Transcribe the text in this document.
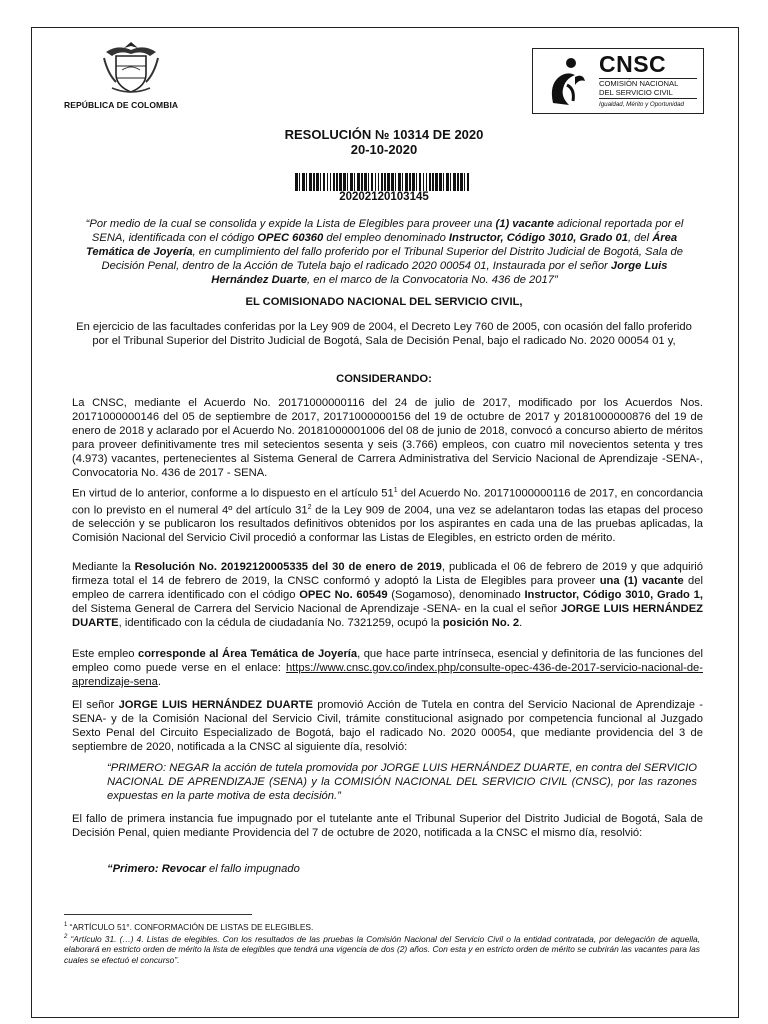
REPÚBLICA DE COLOMBIA
CNSC
COMISIÓN NACIONAL
DEL SERVICIO CIVIL
Igualdad, Mérito y Oportunidad
RESOLUCIÓN № 10314 DE 2020
20-10-2020
20202120103145
“Por medio de la cual se consolida y expide la Lista de Elegibles para proveer una (1) vacante adicional reportada por el SENA, identificada con el código OPEC 60360 del empleo denominado Instructor, Código 3010, Grado 01, del Área Temática de Joyería, en cumplimiento del fallo proferido por el Tribunal Superior del Distrito Judicial de Bogotá, Sala de Decisión Penal, dentro de la Acción de Tutela bajo el radicado 2020 00054 01, Instaurada por el señor Jorge Luis Hernández Duarte, en el marco de la Convocatoria No. 436 de 2017”
EL COMISIONADO NACIONAL DEL SERVICIO CIVIL,
En ejercicio de las facultades conferidas por la Ley 909 de 2004, el Decreto Ley 760 de 2005, con ocasión del fallo proferido por el Tribunal Superior del Distrito Judicial de Bogotá, Sala de Decisión Penal, bajo el radicado No. 2020 00054 01 y,
CONSIDERANDO:
La CNSC, mediante el Acuerdo No. 20171000000116 del 24 de julio de 2017, modificado por los Acuerdos Nos. 20171000000146 del 05 de septiembre de 2017, 20171000000156 del 19 de octubre de 2017 y 20181000000876 del 19 de enero de 2018 y aclarado por el Acuerdo No. 20181000001006 del 08 de junio de 2018, convocó a concurso abierto de méritos para proveer definitivamente tres mil setecientos sesenta y seis (3.766) empleos, con cuatro mil novecientos setenta y tres (4.973) vacantes, pertenecientes al Sistema General de Carrera Administrativa del Servicio Nacional de Aprendizaje -SENA-, Convocatoria No. 436 de 2017 - SENA.
En virtud de lo anterior, conforme a lo dispuesto en el artículo $51^1$ del Acuerdo No. 20171000000116 de 2017, en concordancia con lo previsto en el numeral 4º del artículo $31^2$ de la Ley 909 de 2004, una vez se adelantaron todas las etapas del proceso de selección y se publicaron los resultados definitivos obtenidos por los aspirantes en cada una de las pruebas aplicadas, la Comisión Nacional del Servicio Civil procedió a conformar las Listas de Elegibles, en estricto orden de mérito.
Mediante la Resolución No. 20192120005335 del 30 de enero de 2019, publicada el 06 de febrero de 2019 y que adquirió firmeza total el 14 de febrero de 2019, la CNSC conformó y adoptó la Lista de Elegibles para proveer una (1) vacante del empleo de carrera identificado con el código OPEC No. 60549 (Sogamoso), denominado Instructor, Código 3010, Grado 1, del Sistema General de Carrera del Servicio Nacional de Aprendizaje -SENA- en la cual el señor JORGE LUIS HERNÁNDEZ DUARTE, identificado con la cédula de ciudadanía No. 7321259, ocupó la posición No. 2.
Este empleo corresponde al Área Temática de Joyería, que hace parte intrínseca, esencial y definitoria de las funciones del empleo como puede verse en el enlace: https://www.cnsc.gov.co/index.php/consulte-opec-436-de-2017-servicio-nacional-de-aprendizaje-sena.
El señor JORGE LUIS HERNÁNDEZ DUARTE promovió Acción de Tutela en contra del Servicio Nacional de Aprendizaje -SENA- y de la Comisión Nacional del Servicio Civil, trámite constitucional asignado por competencia funcional al Juzgado Sexto Penal del Circuito Especializado de Bogotá, bajo el radicado No. 2020 00054, que mediante providencia del 3 de septiembre de 2020, notificada a la CNSC al siguiente día, resolvió:
“PRIMERO: NEGAR la acción de tutela promovida por JORGE LUIS HERNÁNDEZ DUARTE, en contra del SERVICIO NACIONAL DE APRENDIZAJE (SENA) y la COMISIÓN NACIONAL DEL SERVICIO CIVIL (CNSC), por las razones expuestas en la parte motiva de esta decisión.”
El fallo de primera instancia fue impugnado por el tutelante ante el Tribunal Superior del Distrito Judicial de Bogotá, Sala de Decisión Penal, quien mediante Providencia del 7 de octubre de 2020, notificada a la CNSC el mismo día, resolvió:
“Primero: Revocar el fallo impugnado
$^1$ “ARTÍCULO 51°. CONFORMACIÓN DE LISTAS DE ELEGIBLES.
$^2$ “Artículo 31. (…) 4. Listas de elegibles. Con los resultados de las pruebas la Comisión Nacional del Servicio Civil o la entidad contratada, por delegación de aquella, elaborará en estricto orden de mérito la lista de elegibles que tendrá una vigencia de dos (2) años. Con esta y en estricto orden de mérito se cubrirán las vacantes para las cuales se efectuó el concurso”.
